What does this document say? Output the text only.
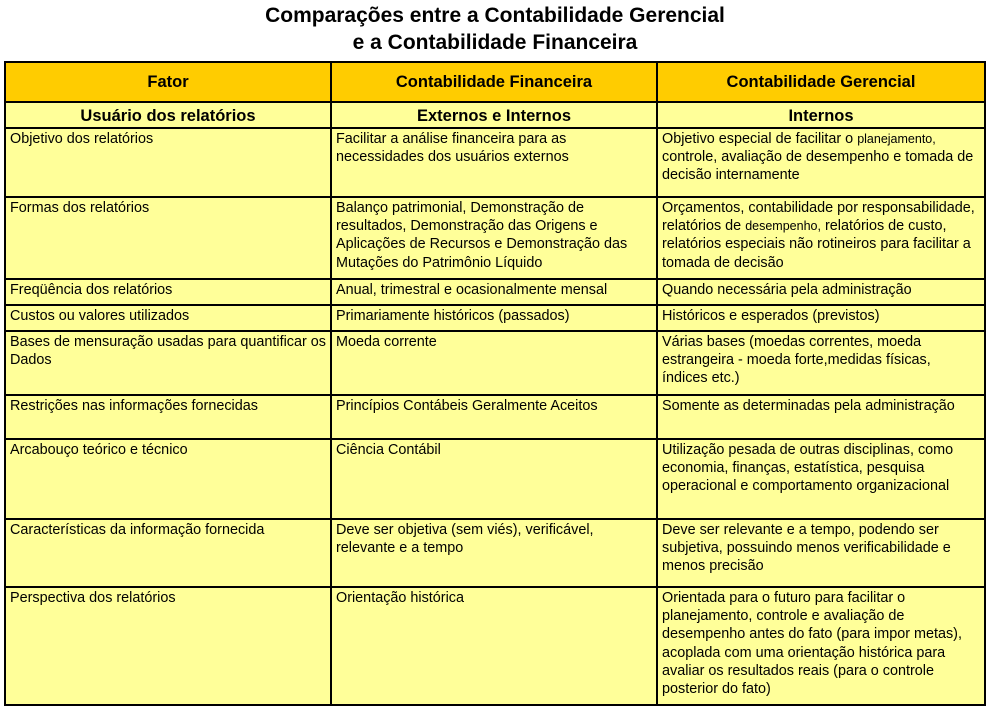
Comparações entre a Contabilidade Gerencial
e a Contabilidade Financeira
Fator	Contabilidade Financeira	Contabilidade Gerencial
Usuário dos relatórios	Externos e Internos	Internos
Objetivo dos relatórios	Facilitar a análise financeira para as necessidades dos usuários externos	Objetivo especial de facilitar o planejamento, controle, avaliação de desempenho e tomada de decisão internamente
Formas dos relatórios	Balanço patrimonial, Demonstração de resultados, Demonstração das Origens e Aplicações de Recursos e Demonstração das Mutações do Patrimônio Líquido	Orçamentos, contabilidade por responsabilidade, relatórios de desempenho, relatórios de custo, relatórios especiais não rotineiros para facilitar a tomada de decisão
Freqüência dos relatórios	Anual, trimestral e ocasionalmente mensal	Quando necessária pela administração
Custos ou valores utilizados	Primariamente históricos (passados)	Históricos e esperados (previstos)
Bases de mensuração usadas para quantificar os Dados	Moeda corrente	Várias bases (moedas correntes, moeda estrangeira - moeda forte,medidas físicas, índices etc.)
Restrições nas informações fornecidas	Princípios Contábeis Geralmente Aceitos	Somente as determinadas pela administração
Arcabouço teórico e técnico	Ciência Contábil	Utilização pesada de outras disciplinas, como economia, finanças, estatística, pesquisa operacional e comportamento organizacional
Características da informação fornecida	Deve ser objetiva (sem viés), verificável, relevante e a tempo	Deve ser relevante e a tempo, podendo ser subjetiva, possuindo menos verificabilidade e menos precisão
Perspectiva dos relatórios	Orientação histórica	Orientada para o futuro para facilitar o planejamento, controle e avaliação de desempenho antes do fato (para impor metas), acoplada com uma orientação histórica para avaliar os resultados reais (para o controle posterior do fato)
